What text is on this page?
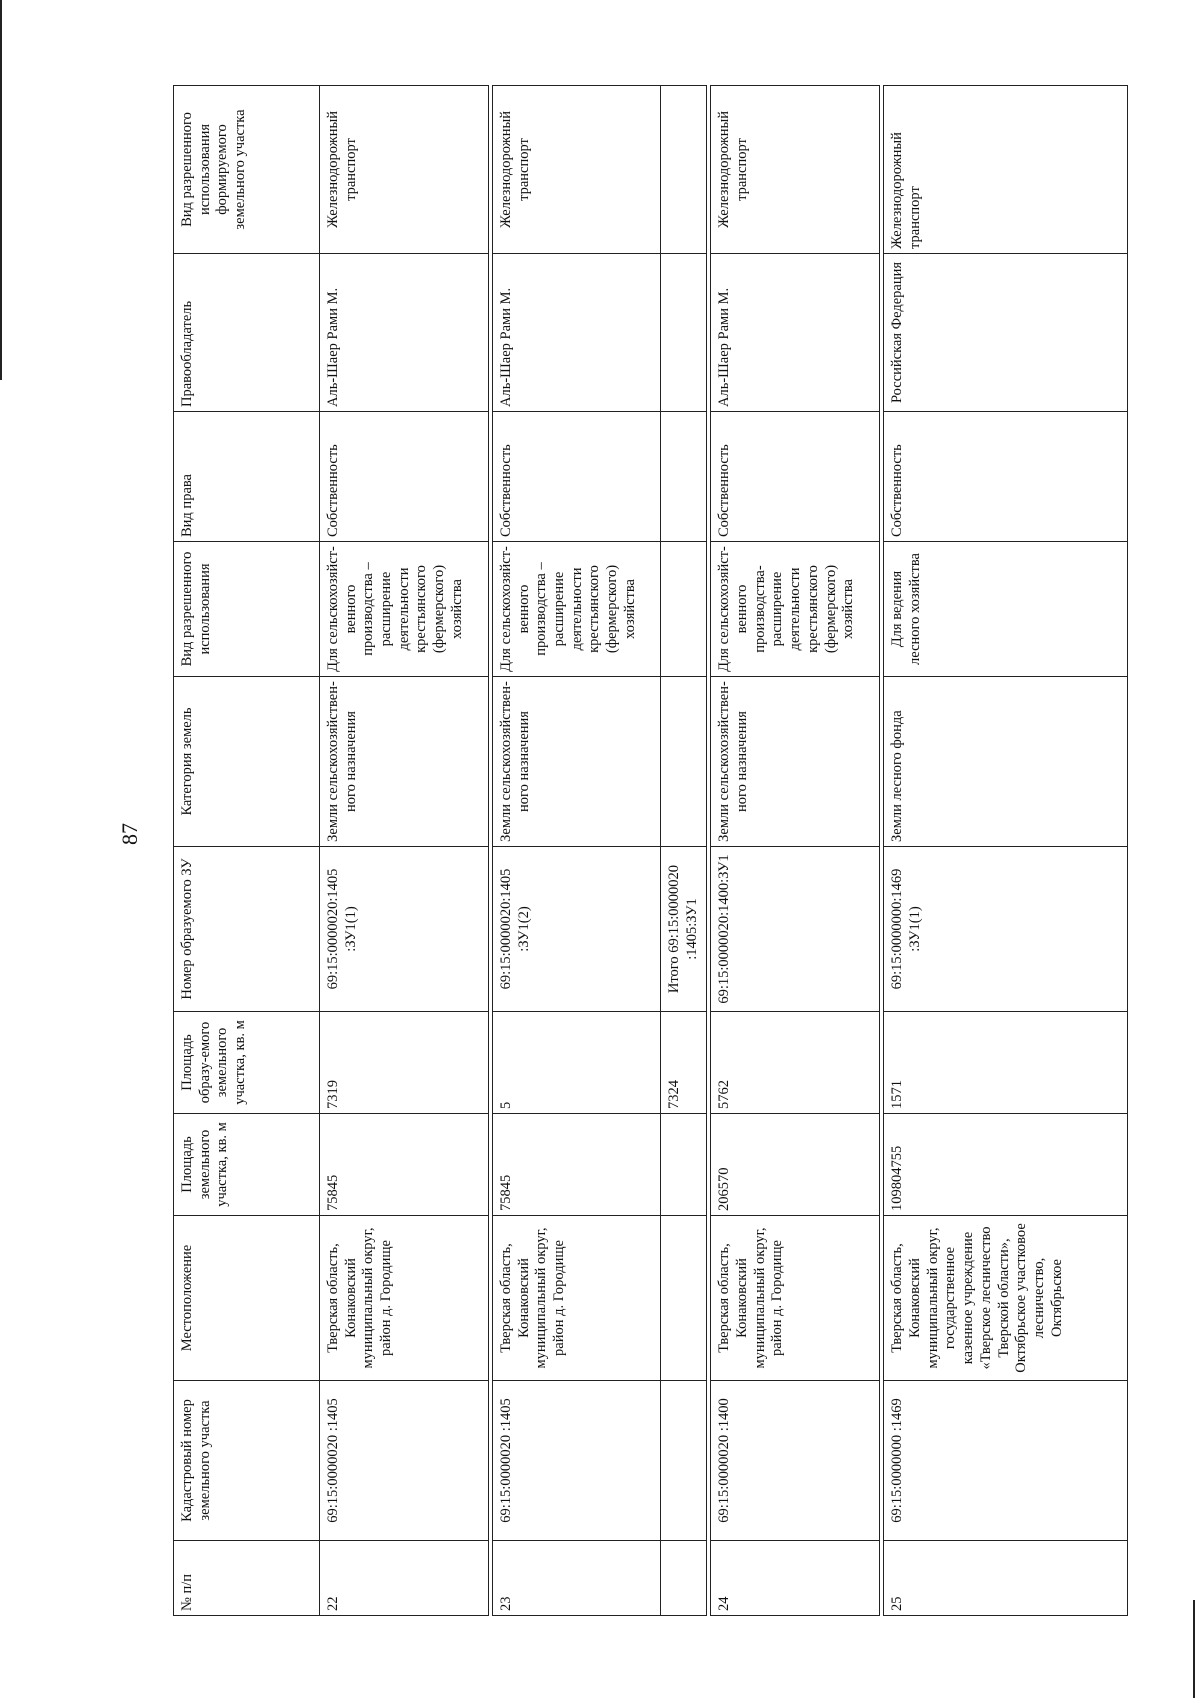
87
№ п/п	Кадастровый номер земельного участка	Местоположение	Площадь земельного участка, кв. м	Площадь образу-емого земельного участка, кв. м	Номер образуемого ЗУ	Категория земель	Вид разрешенного использования	Вид права	Правообладатель	Вид разрешенного использования формируемого земельного участка
22	69:15:0000020 :1405	Тверская область, Конаковский муниципальный округ, район д. Городище	75845	7319	69:15:0000020:1405 :ЗУ1(1)	Земли сельскохозяйствен-ного назначения	Для сельскохозяйст-венного производства – расширение деятельности крестьянского (фермерского) хозяйства	Собственность	Аль-Шаер Рами М.	Железнодорожный транспорт

23	69:15:0000020 :1405	Тверская область, Конаковский муниципальный округ, район д. Городище	75845	5	69:15:0000020:1405 :ЗУ1(2)	Земли сельскохозяйствен-ного назначения	Для сельскохозяйст-венного производства – расширение деятельности крестьянского (фермерского) хозяйства	Собственность	Аль-Шаер Рами М.	Железнодорожный транспорт
				7324	Итого 69:15:0000020 :1405:ЗУ1					

24	69:15:0000020 :1400	Тверская область, Конаковский муниципальный округ, район д. Городище	206570	5762	69:15:0000020:1400:ЗУ1	Земли сельскохозяйствен-ного назначения	Для сельскохозяйст-венного производства-расширение деятельности крестьянского (фермерского) хозяйства	Собственность	Аль-Шаер Рами М.	Железнодорожный транспорт

25	69:15:0000000 :1469	Тверская область, Конаковский муниципальный округ, государственное казенное учреждение «Тверское лесничество Тверской области», Октябрьское участковое лесничество, Октябрьское	109804755	1571	69:15:0000000:1469 :ЗУ1(1)	Земли лесного фонда	Для ведения лесного хозяйства	Собственность	Российская Федерация	Железнодорожный транспорт
